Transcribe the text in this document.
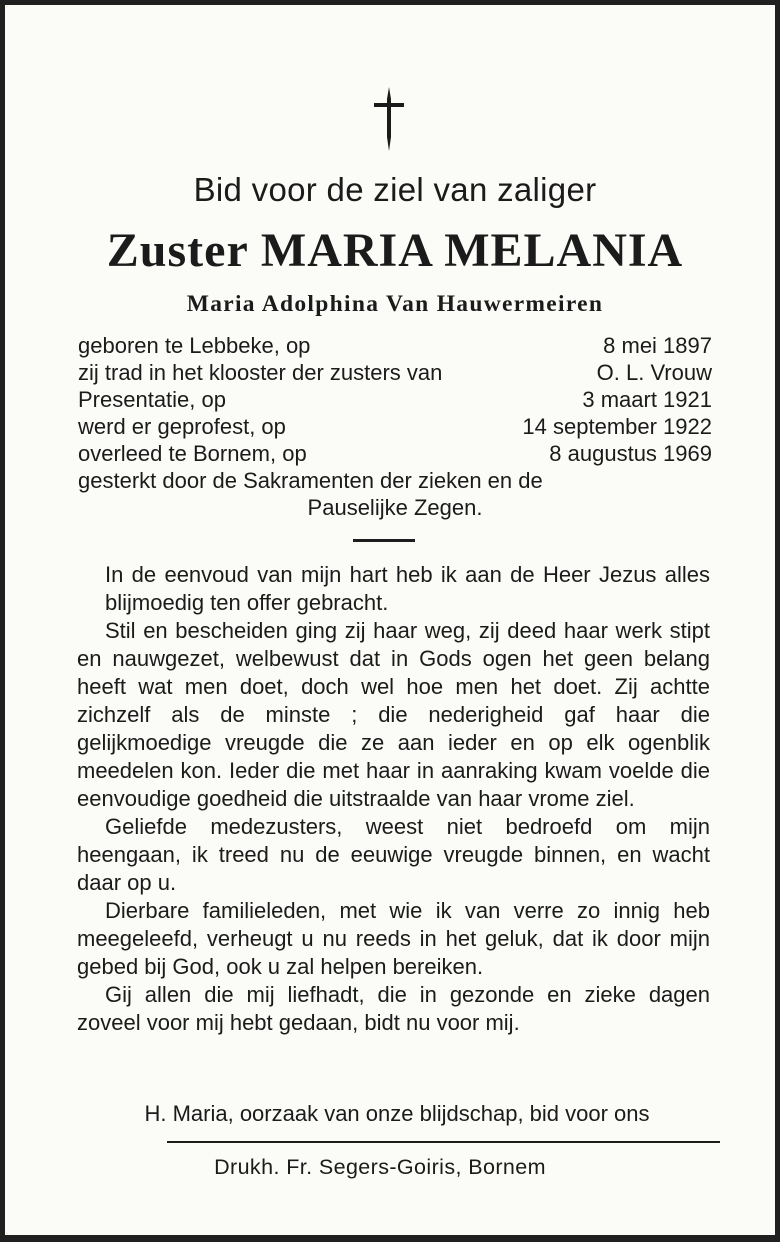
Bid voor de ziel van zaliger
Zuster MARIA MELANIA
Maria Adolphina Van Hauwermeiren
geboren te Lebbeke, op	8 mei 1897
zij trad in het klooster der zusters van	O. L. Vrouw
Presentatie, op	3 maart 1921
werd er geprofest, op	14 september 1922
overleed te Bornem, op	8 augustus 1969
gesterkt door de Sakramenten der zieken en de
Pauselijke Zegen.

In de eenvoud van mijn hart heb ik aan de Heer Jezus alles blijmoedig ten offer gebracht.

Stil en bescheiden ging zij haar weg, zij deed haar werk stipt en nauwgezet, welbewust dat in Gods ogen het geen belang heeft wat men doet, doch wel hoe men het doet. Zij achtte zichzelf als de minste ; die nederigheid gaf haar die gelijkmoedige vreugde die ze aan ieder en op elk ogenblik meedelen kon. Ieder die met haar in aanraking kwam voelde die eenvoudige goedheid die uitstraalde van haar vrome ziel.

Geliefde medezusters, weest niet bedroefd om mijn heengaan, ik treed nu de eeuwige vreugde binnen, en wacht daar op u.

Dierbare familieleden, met wie ik van verre zo innig heb meegeleefd, verheugt u nu reeds in het geluk, dat ik door mijn gebed bij God, ook u zal helpen bereiken.

Gij allen die mij liefhadt, die in gezonde en zieke dagen zoveel voor mij hebt gedaan, bidt nu voor mij.

H. Maria, oorzaak van onze blijdschap, bid voor ons
Drukh. Fr. Segers-Goiris, Bornem
